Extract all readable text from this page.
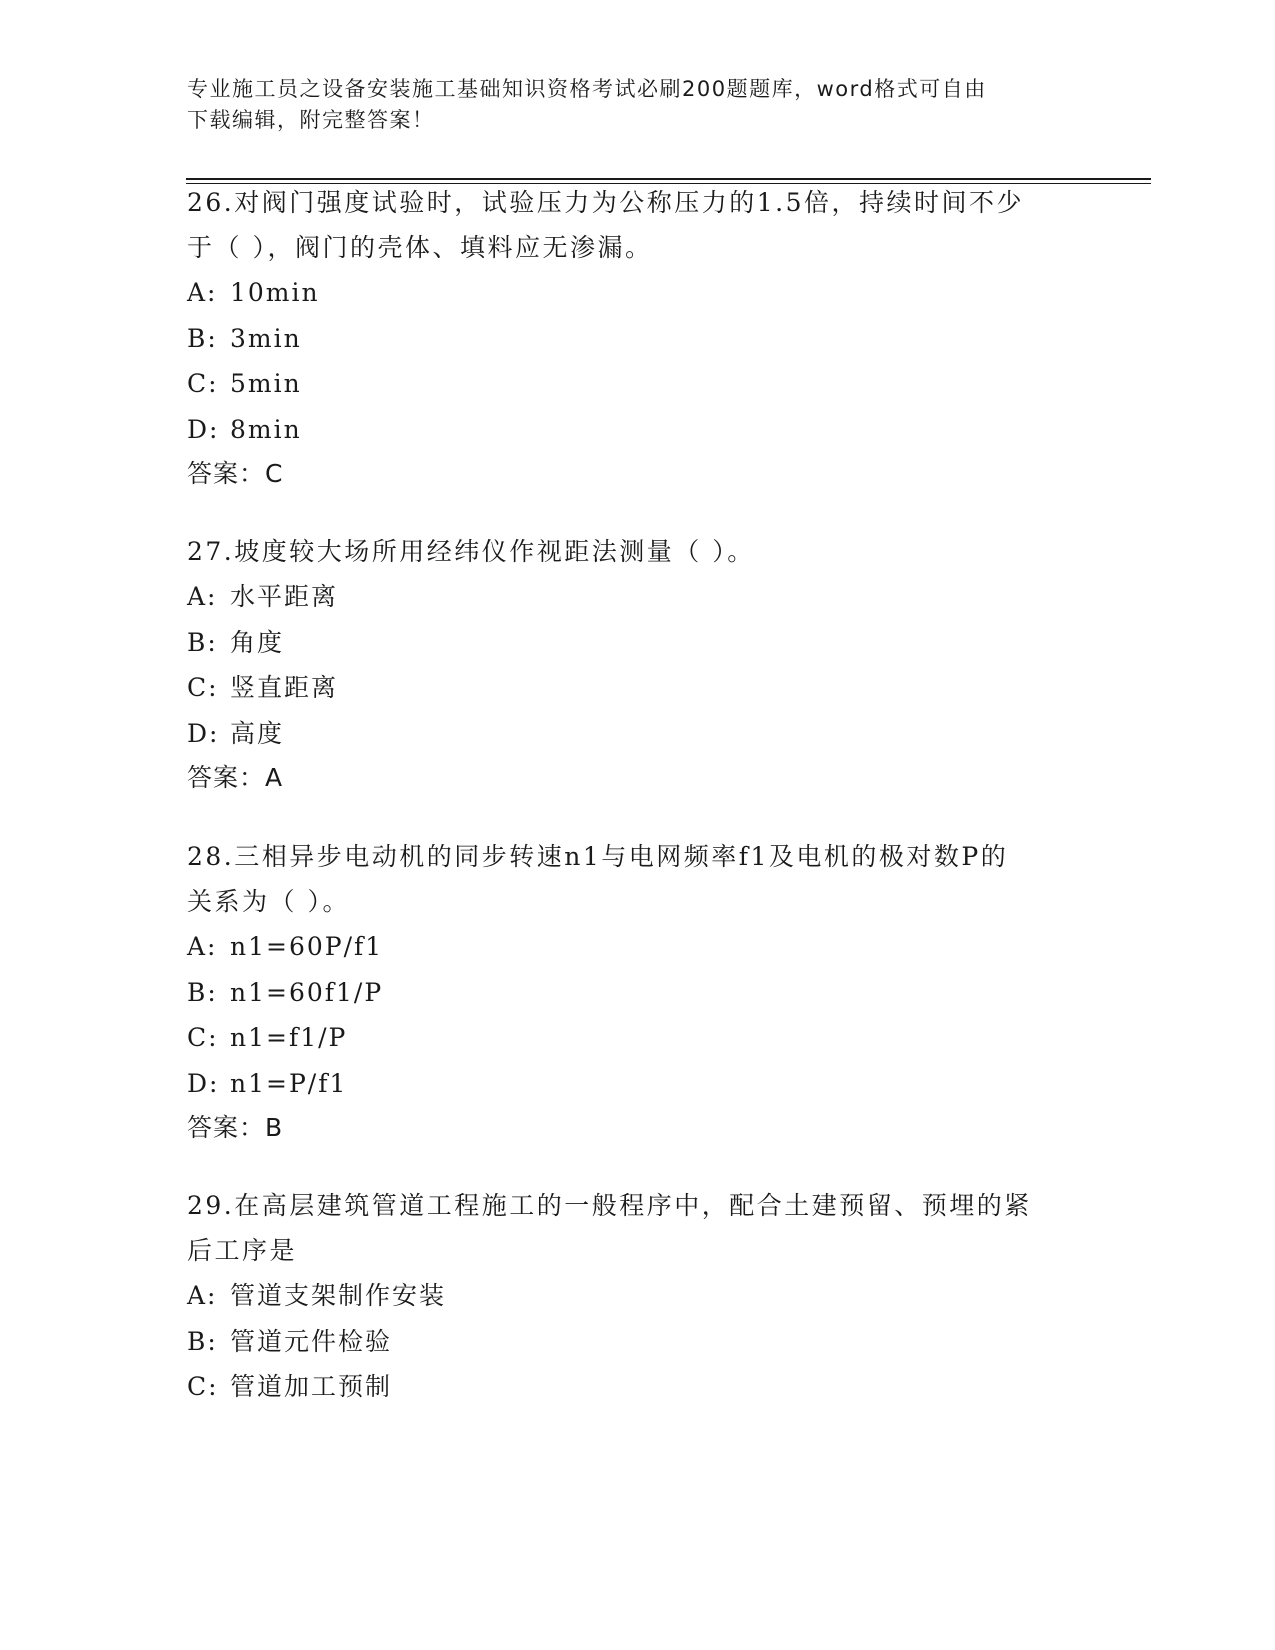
专业施工员之设备安装施工基础知识资格考试必刷200题题库，word格式可自由
下载编辑，附完整答案！

26.对阀门强度试验时，试验压力为公称压力的1.5倍，持续时间不少

于（ ），阀门的壳体、填料应无渗漏。

A: 10min

B: 3min

C: 5min

D: 8min

答案：C

27.坡度较大场所用经纬仪作视距法测量（ ）。

A: 水平距离

B: 角度

C: 竖直距离

D: 高度

答案：A

28.三相异步电动机的同步转速n1与电网频率f1及电机的极对数P的

关系为（ ）。

A: n1=60P/f1

B: n1=60f1/P

C: n1=f1/P

D: n1=P/f1

答案：B

29.在高层建筑管道工程施工的一般程序中，配合土建预留、预埋的紧

后工序是

A: 管道支架制作安装

B: 管道元件检验

C: 管道加工预制
